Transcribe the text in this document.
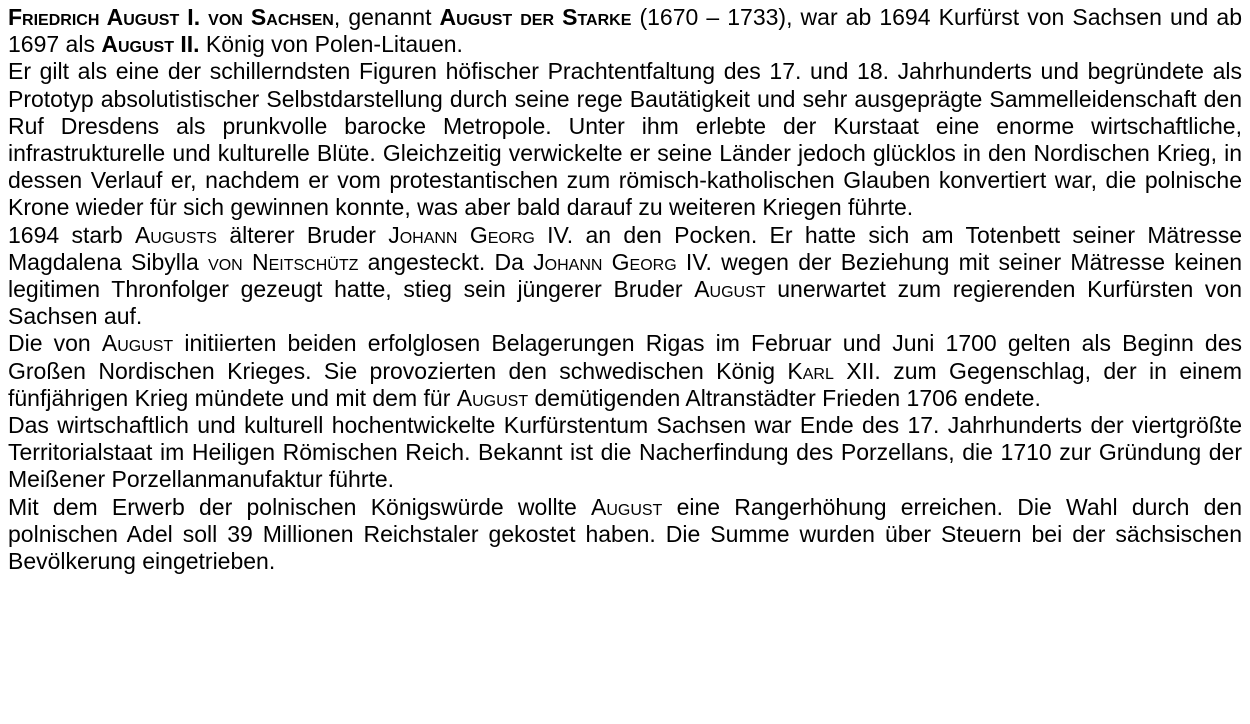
Friedrich August I. von Sachsen, genannt August der Starke (1670 – 1733), war ab 1694 Kurfürst von Sachsen und ab 1697 als August II. König von Polen-Litauen.

Er gilt als eine der schillerndsten Figuren höfischer Prachtentfaltung des 17. und 18. Jahrhunderts und begründete als Prototyp absolutistischer Selbstdarstellung durch seine rege Bautätigkeit und sehr ausgeprägte Sammelleidenschaft den Ruf Dresdens als prunkvolle barocke Metropole. Unter ihm erlebte der Kurstaat eine enorme wirtschaftliche, infrastrukturelle und kulturelle Blüte. Gleichzeitig verwickelte er seine Länder jedoch glücklos in den Nordischen Krieg, in dessen Verlauf er, nachdem er vom protestantischen zum römisch-katholischen Glauben konvertiert war, die polnische Krone wieder für sich gewinnen konnte, was aber bald darauf zu weiteren Kriegen führte.

1694 starb Augusts älterer Bruder Johann Georg IV. an den Pocken. Er hatte sich am Totenbett seiner Mätresse Magdalena Sibylla von Neitschütz angesteckt. Da Johann Georg IV. wegen der Beziehung mit seiner Mätresse keinen legitimen Thronfolger gezeugt hatte, stieg sein jüngerer Bruder August unerwartet zum regierenden Kurfürsten von Sachsen auf.

Die von August initiierten beiden erfolglosen Belagerungen Rigas im Februar und Juni 1700 gelten als Beginn des Großen Nordischen Krieges. Sie provozierten den schwedischen König Karl XII. zum Gegenschlag, der in einem fünfjährigen Krieg mündete und mit dem für August demütigenden Altranstädter Frieden 1706 endete.

Das wirtschaftlich und kulturell hochentwickelte Kurfürstentum Sachsen war Ende des 17. Jahrhunderts der viertgrößte Territorialstaat im Heiligen Römischen Reich. Bekannt ist die Nacherfindung des Porzellans, die 1710 zur Gründung der Meißener Porzellanmanufaktur führte.

Mit dem Erwerb der polnischen Königswürde wollte August eine Rangerhöhung erreichen. Die Wahl durch den polnischen Adel soll 39 Millionen Reichstaler gekostet haben. Die Summe wurden über Steuern bei der sächsischen Bevölkerung eingetrieben.
